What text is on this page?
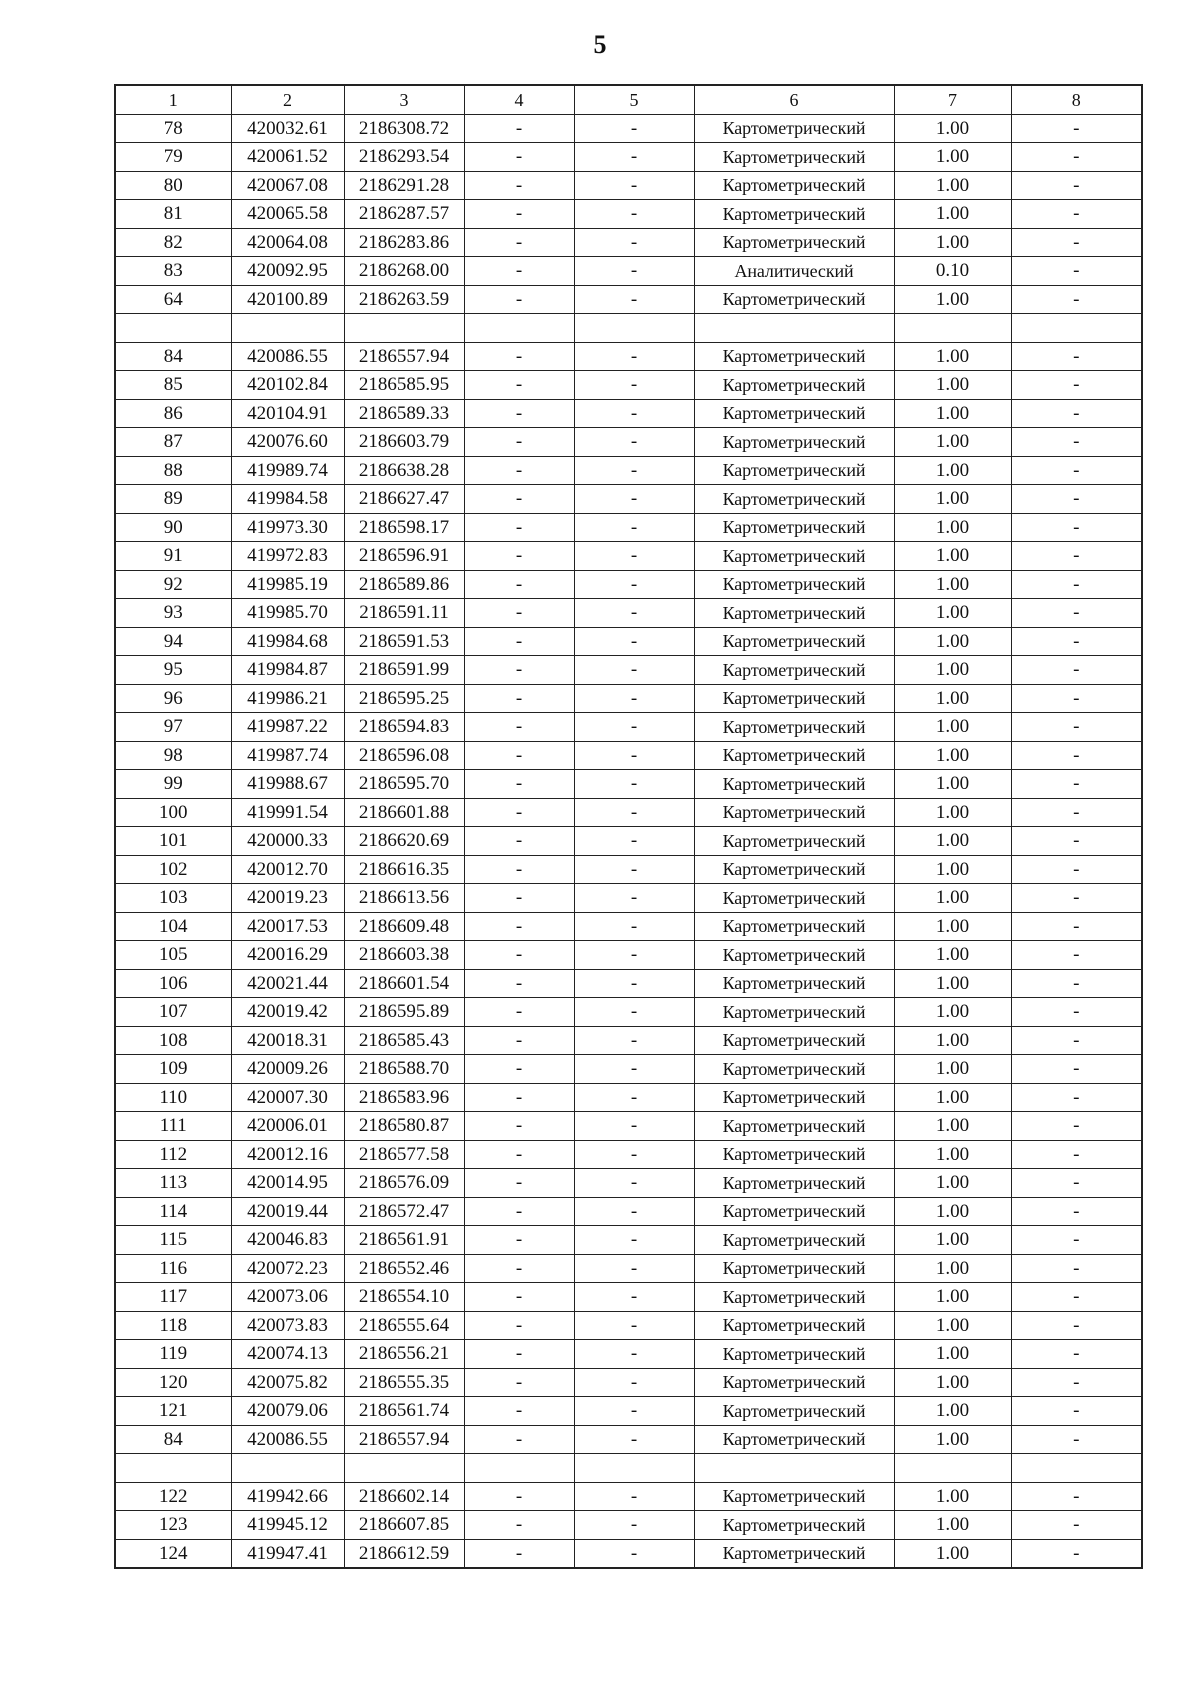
5
1	2	3	4	5	6	7	8
78	420032.61	2186308.72	-	-	Картометрический	1.00	-
79	420061.52	2186293.54	-	-	Картометрический	1.00	-
80	420067.08	2186291.28	-	-	Картометрический	1.00	-
81	420065.58	2186287.57	-	-	Картометрический	1.00	-
82	420064.08	2186283.86	-	-	Картометрический	1.00	-
83	420092.95	2186268.00	-	-	Аналитический	0.10	-
64	420100.89	2186263.59	-	-	Картометрический	1.00	-

84	420086.55	2186557.94	-	-	Картометрический	1.00	-
85	420102.84	2186585.95	-	-	Картометрический	1.00	-
86	420104.91	2186589.33	-	-	Картометрический	1.00	-
87	420076.60	2186603.79	-	-	Картометрический	1.00	-
88	419989.74	2186638.28	-	-	Картометрический	1.00	-
89	419984.58	2186627.47	-	-	Картометрический	1.00	-
90	419973.30	2186598.17	-	-	Картометрический	1.00	-
91	419972.83	2186596.91	-	-	Картометрический	1.00	-
92	419985.19	2186589.86	-	-	Картометрический	1.00	-
93	419985.70	2186591.11	-	-	Картометрический	1.00	-
94	419984.68	2186591.53	-	-	Картометрический	1.00	-
95	419984.87	2186591.99	-	-	Картометрический	1.00	-
96	419986.21	2186595.25	-	-	Картометрический	1.00	-
97	419987.22	2186594.83	-	-	Картометрический	1.00	-
98	419987.74	2186596.08	-	-	Картометрический	1.00	-
99	419988.67	2186595.70	-	-	Картометрический	1.00	-
100	419991.54	2186601.88	-	-	Картометрический	1.00	-
101	420000.33	2186620.69	-	-	Картометрический	1.00	-
102	420012.70	2186616.35	-	-	Картометрический	1.00	-
103	420019.23	2186613.56	-	-	Картометрический	1.00	-
104	420017.53	2186609.48	-	-	Картометрический	1.00	-
105	420016.29	2186603.38	-	-	Картометрический	1.00	-
106	420021.44	2186601.54	-	-	Картометрический	1.00	-
107	420019.42	2186595.89	-	-	Картометрический	1.00	-
108	420018.31	2186585.43	-	-	Картометрический	1.00	-
109	420009.26	2186588.70	-	-	Картометрический	1.00	-
110	420007.30	2186583.96	-	-	Картометрический	1.00	-
111	420006.01	2186580.87	-	-	Картометрический	1.00	-
112	420012.16	2186577.58	-	-	Картометрический	1.00	-
113	420014.95	2186576.09	-	-	Картометрический	1.00	-
114	420019.44	2186572.47	-	-	Картометрический	1.00	-
115	420046.83	2186561.91	-	-	Картометрический	1.00	-
116	420072.23	2186552.46	-	-	Картометрический	1.00	-
117	420073.06	2186554.10	-	-	Картометрический	1.00	-
118	420073.83	2186555.64	-	-	Картометрический	1.00	-
119	420074.13	2186556.21	-	-	Картометрический	1.00	-
120	420075.82	2186555.35	-	-	Картометрический	1.00	-
121	420079.06	2186561.74	-	-	Картометрический	1.00	-
84	420086.55	2186557.94	-	-	Картометрический	1.00	-

122	419942.66	2186602.14	-	-	Картометрический	1.00	-
123	419945.12	2186607.85	-	-	Картометрический	1.00	-
124	419947.41	2186612.59	-	-	Картометрический	1.00	-
